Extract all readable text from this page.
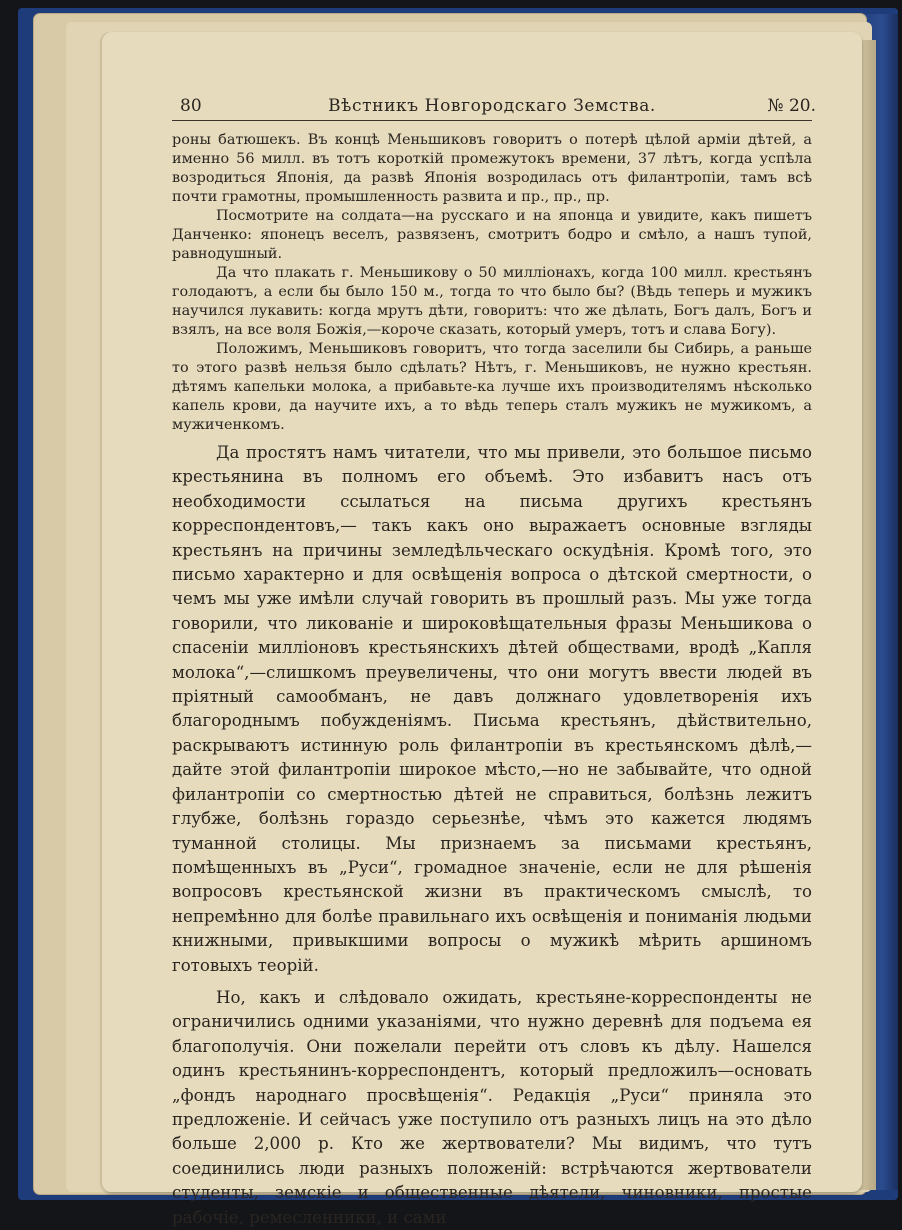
80	Вѣстникъ Новгородскаго Земства.	№ 20.

роны батюшекъ. Въ концѣ Меньшиковъ говоритъ о потерѣ цѣлой арміи дѣтей, а именно 56 милл. въ тотъ короткій промежутокъ времени, 37 лѣтъ, когда успѣла возродиться Японія, да развѣ Японія возродилась отъ филантропіи, тамъ всѣ почти грамотны, промышленность развита и пр., пр., пр.

Посмотрите на солдата—на русскаго и на японца и увидите, какъ пишетъ Данченко: японецъ веселъ, развязенъ, смотритъ бодро и смѣло, а нашъ тупой, равнодушный.

Да что плакать г. Меньшикову о 50 милліонахъ, когда 100 милл. крестьянъ голодаютъ, а если бы было 150 м., тогда то что было бы? (Вѣдь теперь и мужикъ научился лукавить: когда мрутъ дѣти, говоритъ: что же дѣлать, Богъ далъ, Богъ и взялъ, на все воля Божія,—короче сказать, который умеръ, тотъ и слава Богу).

Положимъ, Меньшиковъ говоритъ, что тогда заселили бы Сибирь, а раньше то этого развѣ нельзя было сдѣлать? Нѣтъ, г. Меньшиковъ, не нужно крестьян. дѣтямъ капельки молока, а прибавьте-ка лучше ихъ производителямъ нѣсколько капель крови, да научите ихъ, а то вѣдь теперь сталъ мужикъ не мужикомъ, а мужиченкомъ.

Да простятъ намъ читатели, что мы привели, это большое письмо крестьянина въ полномъ его объемѣ. Это избавитъ насъ отъ необходимости ссылаться на письма другихъ крестьянъ корреспондентовъ,— такъ какъ оно выражаетъ основные взгляды крестьянъ на причины земледѣльческаго оскудѣнія. Кромѣ того, это письмо характерно и для освѣщенія вопроса о дѣтской смертности, о чемъ мы уже имѣли случай говорить въ прошлый разъ. Мы уже тогда говорили, что ликованіе и широковѣщательныя фразы Меньшикова о спасеніи милліоновъ крестьянскихъ дѣтей обществами, вродѣ „Капля молока“,—слишкомъ преувеличены, что они могутъ ввести людей въ пріятный самообманъ, не давъ должнаго удовлетворенія ихъ благороднымъ побужденіямъ. Письма крестьянъ, дѣйствительно, раскрываютъ истинную роль филантропіи въ крестьянскомъ дѣлѣ,—дайте этой филантропіи широкое мѣсто,—но не забывайте, что одной филантропіи со смертностью дѣтей не справиться, болѣзнь лежитъ глубже, болѣзнь гораздо серьезнѣе, чѣмъ это кажется людямъ туманной столицы. Мы признаемъ за письмами крестьянъ, помѣщенныхъ въ „Руси“, громадное значеніе, если не для рѣшенія вопросовъ крестьянской жизни въ практическомъ смыслѣ, то непремѣнно для болѣе правильнаго ихъ освѣщенія и пониманія людьми книжными, привыкшими вопросы о мужикѣ мѣрить аршиномъ готовыхъ теорій.

Но, какъ и слѣдовало ожидать, крестьяне-корреспонденты не ограничились одними указаніями, что нужно деревнѣ для подъема ея благополучія. Они пожелали перейти отъ словъ къ дѣлу. Нашелся одинъ крестьянинъ-корреспондентъ, который предложилъ—основать „фондъ народнаго просвѣщенія“. Редакція „Руси“ приняла это предложеніе. И сейчасъ уже поступило отъ разныхъ лицъ на это дѣло больше 2,000 р. Кто же жертвователи? Мы видимъ, что тутъ соединились люди разныхъ положеній: встрѣчаются жертвователи студенты, земскіе и общественные дѣятели, чиновники, простые рабочіе, ремесленники, и сами
